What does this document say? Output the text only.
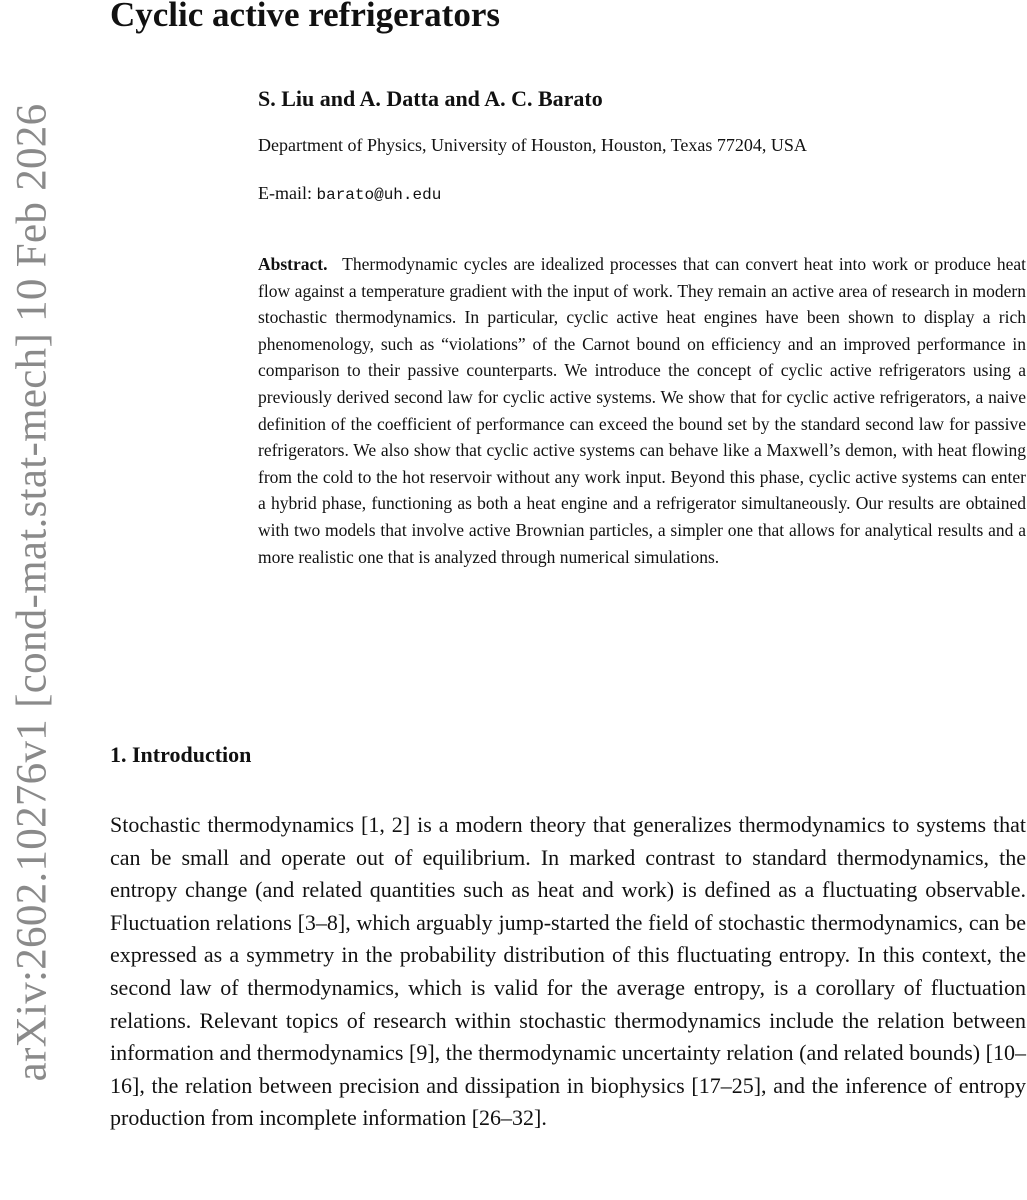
arXiv:2602.10276v1 [cond-mat.stat-mech] 10 Feb 2026
Cyclic active refrigerators

S. Liu and A. Datta and A. C. Barato

Department of Physics, University of Houston, Houston, Texas 77204, USA

E-mail: barato@uh.edu

Abstract. Thermodynamic cycles are idealized processes that can convert heat into work or produce heat flow against a temperature gradient with the input of work. They remain an active area of research in modern stochastic thermodynamics. In particular, cyclic active heat engines have been shown to display a rich phenomenology, such as “violations” of the Carnot bound on efficiency and an improved performance in comparison to their passive counterparts. We introduce the concept of cyclic active refrigerators using a previously derived second law for cyclic active systems. We show that for cyclic active refrigerators, a naive definition of the coefficient of performance can exceed the bound set by the standard second law for passive refrigerators. We also show that cyclic active systems can behave like a Maxwell’s demon, with heat flowing from the cold to the hot reservoir without any work input. Beyond this phase, cyclic active systems can enter a hybrid phase, functioning as both a heat engine and a refrigerator simultaneously. Our results are obtained with two models that involve active Brownian particles, a simpler one that allows for analytical results and a more realistic one that is analyzed through numerical simulations.

1. Introduction

Stochastic thermodynamics [1, 2] is a modern theory that generalizes thermodynamics to systems that can be small and operate out of equilibrium. In marked contrast to standard thermodynamics, the entropy change (and related quantities such as heat and work) is defined as a fluctuating observable. Fluctuation relations [3–8], which arguably jump-started the field of stochastic thermodynamics, can be expressed as a symmetry in the probability distribution of this fluctuating entropy. In this context, the second law of thermodynamics, which is valid for the average entropy, is a corollary of fluctuation relations. Relevant topics of research within stochastic thermodynamics include the relation between information and thermodynamics [9], the thermodynamic uncertainty relation (and related bounds) [10–16], the relation between precision and dissipation in biophysics [17–25], and the inference of entropy production from incomplete information [26–32].
